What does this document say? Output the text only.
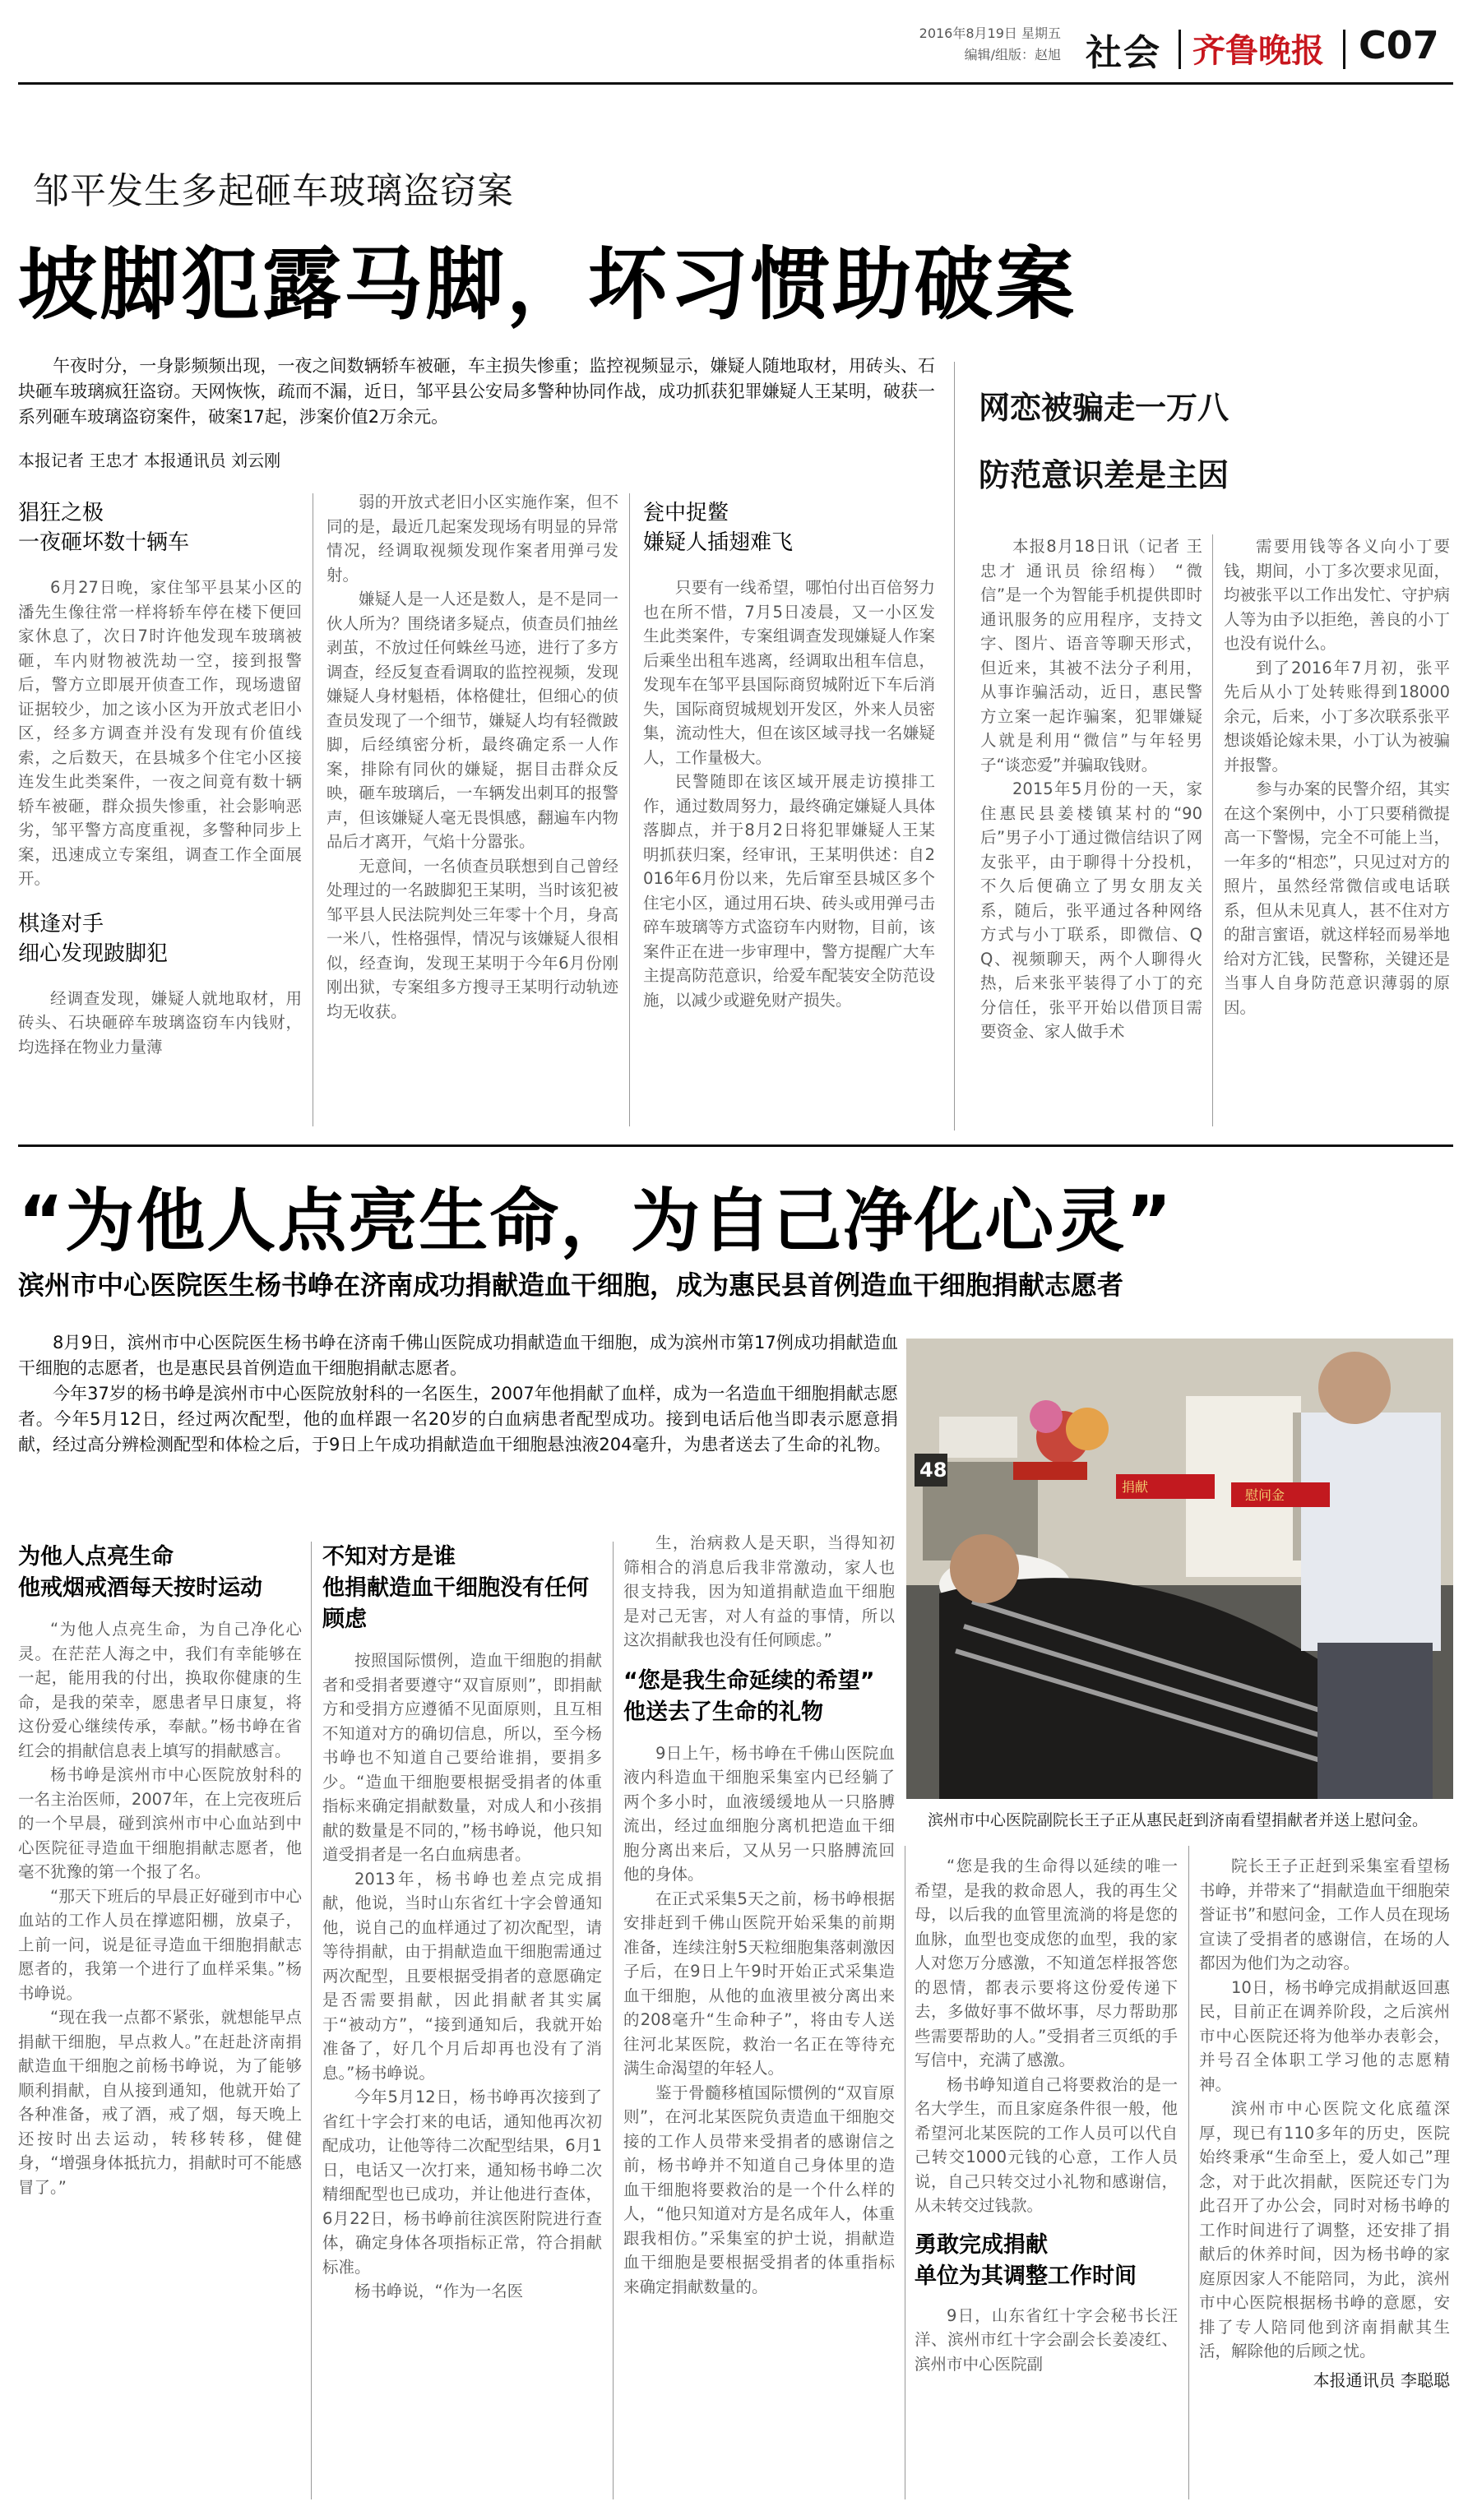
2016年8月19日 星期五
编辑/组版：赵旭 社会 齐鲁晚报 C07
邹平发生多起砸车玻璃盗窃案
坡脚犯露马脚，坏习惯助破案
午夜时分，一身影频频出现，一夜之间数辆轿车被砸，车主损失惨重；监控视频显示，嫌疑人随地取材，用砖头、石块砸车玻璃疯狂盗窃。天网恢恢，疏而不漏，近日，邹平县公安局多警种协同作战，成功抓获犯罪嫌疑人王某明，破获一系列砸车玻璃盗窃案件，破案17起，涉案价值2万余元。
本报记者 王忠才 本报通讯员 刘云刚
猖狂之极
一夜砸坏数十辆车
6月27日晚，家住邹平县某小区的潘先生像往常一样将轿车停在楼下便回家休息了，次日7时许他发现车玻璃被砸，车内财物被洗劫一空，接到报警后，警方立即展开侦查工作，现场遗留证据较少，加之该小区为开放式老旧小区，经多方调查并没有发现有价值线索，之后数天，在县城多个住宅小区接连发生此类案件，一夜之间竟有数十辆轿车被砸，群众损失惨重，社会影响恶劣，邹平警方高度重视，多警种同步上案，迅速成立专案组，调查工作全面展开。
棋逢对手
细心发现跛脚犯
经调查发现，嫌疑人就地取材，用砖头、石块砸碎车玻璃盗窃车内钱财，均选择在物业力量薄
弱的开放式老旧小区实施作案，但不同的是，最近几起案发现场有明显的异常情况，经调取视频发现作案者用弹弓发射。
嫌疑人是一人还是数人，是不是同一伙人所为？围绕诸多疑点，侦查员们抽丝剥茧，不放过任何蛛丝马迹，进行了多方调查，经反复查看调取的监控视频，发现嫌疑人身材魁梧，体格健壮，但细心的侦查员发现了一个细节，嫌疑人均有轻微跛脚，后经缜密分析，最终确定系一人作案，排除有同伙的嫌疑，据目击群众反映，砸车玻璃后，一车辆发出刺耳的报警声，但该嫌疑人毫无畏惧感，翻遍车内物品后才离开，气焰十分嚣张。
无意间，一名侦查员联想到自己曾经处理过的一名跛脚犯王某明，当时该犯被邹平县人民法院判处三年零十个月，身高一米八，性格强悍，情况与该嫌疑人很相似，经查询，发现王某明于今年6月份刚刚出狱，专案组多方搜寻王某明行动轨迹均无收获。
瓮中捉鳖
嫌疑人插翅难飞
只要有一线希望，哪怕付出百倍努力也在所不惜，7月5日凌晨，又一小区发生此类案件，专案组调查发现嫌疑人作案后乘坐出租车逃离，经调取出租车信息，发现车在邹平县国际商贸城附近下车后消失，国际商贸城规划开发区，外来人员密集，流动性大，但在该区域寻找一名嫌疑人，工作量极大。
民警随即在该区域开展走访摸排工作，通过数周努力，最终确定嫌疑人具体落脚点，并于8月2日将犯罪嫌疑人王某明抓获归案，经审讯，王某明供述：自2016年6月份以来，先后窜至县城区多个住宅小区，通过用石块、砖头或用弹弓击碎车玻璃等方式盗窃车内财物，目前，该案件正在进一步审理中，警方提醒广大车主提高防范意识，给爱车配装安全防范设施，以减少或避免财产损失。
网恋被骗走一万八
防范意识差是主因
本报8月18日讯（记者 王忠才 通讯员 徐绍梅） “微信”是一个为智能手机提供即时通讯服务的应用程序，支持文字、图片、语音等聊天形式，但近来，其被不法分子利用，从事诈骗活动，近日，惠民警方立案一起诈骗案，犯罪嫌疑人就是利用“微信”与年轻男子“谈恋爱”并骗取钱财。
2015年5月份的一天，家住惠民县姜楼镇某村的“90后”男子小丁通过微信结识了网友张平，由于聊得十分投机，不久后便确立了男女朋友关系，随后，张平通过各种网络方式与小丁联系，即微信、QQ、视频聊天，两个人聊得火热，后来张平装得了小丁的充分信任，张平开始以借顶目需要资金、家人做手术
需要用钱等各义向小丁要钱，期间，小丁多次要求见面，均被张平以工作出发忙、守护病人等为由予以拒绝，善良的小丁也没有说什么。
到了2016年7月初，张平先后从小丁处转账得到18000余元，后来，小丁多次联系张平想谈婚论嫁未果，小丁认为被骗并报警。
参与办案的民警介绍，其实在这个案例中，小丁只要稍微提高一下警惕，完全不可能上当，一年多的“相恋”，只见过对方的照片，虽然经常微信或电话联系，但从未见真人，甚不住对方的甜言蜜语，就这样轻而易举地给对方汇钱，民警称，关键还是当事人自身防范意识薄弱的原因。
“为他人点亮生命，为自己净化心灵”
滨州市中心医院医生杨书峥在济南成功捐献造血干细胞，成为惠民县首例造血干细胞捐献志愿者
8月9日，滨州市中心医院医生杨书峥在济南千佛山医院成功捐献造血干细胞，成为滨州市第17例成功捐献造血干细胞的志愿者，也是惠民县首例造血干细胞捐献志愿者。
今年37岁的杨书峥是滨州市中心医院放射科的一名医生，2007年他捐献了血样，成为一名造血干细胞捐献志愿者。今年5月12日，经过两次配型，他的血样跟一名20岁的白血病患者配型成功。接到电话后他当即表示愿意捐献，经过高分辨检测配型和体检之后，于9日上午成功捐献造血干细胞悬浊液204毫升，为患者送去了生命的礼物。
捐献
慰问金
48
滨州市中心医院副院长王子正从惠民赶到济南看望捐献者并送上慰问金。
为他人点亮生命
他戒烟戒酒每天按时运动
“为他人点亮生命，为自己净化心灵。在茫茫人海之中，我们有幸能够在一起，能用我的付出，换取你健康的生命，是我的荣幸，愿患者早日康复，将这份爱心继续传承，奉献。”杨书峥在省红会的捐献信息表上填写的捐献感言。
杨书峥是滨州市中心医院放射科的一名主治医师，2007年，在上完夜班后的一个早晨，碰到滨州市中心血站到中心医院征寻造血干细胞捐献志愿者，他毫不犹豫的第一个报了名。
“那天下班后的早晨正好碰到市中心血站的工作人员在撑遮阳棚，放桌子，上前一问，说是征寻造血干细胞捐献志愿者的，我第一个进行了血样采集。”杨书峥说。
“现在我一点都不紧张，就想能早点捐献干细胞，早点救人。”在赶赴济南捐献造血干细胞之前杨书峥说，为了能够顺利捐献，自从接到通知，他就开始了各种准备，戒了酒，戒了烟，每天晚上还按时出去运动，转移转移，健健身，“增强身体抵抗力，捐献时可不能感冒了。”
不知对方是谁
他捐献造血干细胞没有任何顾虑
按照国际惯例，造血干细胞的捐献者和受捐者要遵守“双盲原则”，即捐献方和受捐方应遵循不见面原则，且互相不知道对方的确切信息，所以，至今杨书峥也不知道自己要给谁捐，要捐多少。“造血干细胞要根据受捐者的体重指标来确定捐献数量，对成人和小孩捐献的数量是不同的，”杨书峥说，他只知道受捐者是一名白血病患者。
2013年，杨书峥也差点完成捐献，他说，当时山东省红十字会曾通知他，说自己的血样通过了初次配型，请等待捐献，由于捐献造血干细胞需通过两次配型，且要根据受捐者的意愿确定是否需要捐献，因此捐献者其实属于“被动方”，“接到通知后，我就开始准备了，好几个月后却再也没有了消息。”杨书峥说。
今年5月12日，杨书峥再次接到了省红十字会打来的电话，通知他再次初配成功，让他等待二次配型结果，6月1日，电话又一次打来，通知杨书峥二次精细配型也已成功，并让他进行查体，6月22日，杨书峥前往滨医附院进行查体，确定身体各项指标正常，符合捐献标准。
杨书峥说，“作为一名医
生，治病救人是天职，当得知初筛相合的消息后我非常激动，家人也很支持我，因为知道捐献造血干细胞是对己无害，对人有益的事情，所以这次捐献我也没有任何顾虑。”
“您是我生命延续的希望”
他送去了生命的礼物
9日上午，杨书峥在千佛山医院血液内科造血干细胞采集室内已经躺了两个多小时，血液缓缓地从一只胳膊流出，经过血细胞分离机把造血干细胞分离出来后，又从另一只胳膊流回他的身体。
在正式采集5天之前，杨书峥根据安排赶到千佛山医院开始采集的前期准备，连续注射5天粒细胞集落刺激因子后，在9日上午9时开始正式采集造血干细胞，从他的血液里被分离出来的208毫升“生命种子”，将由专人送往河北某医院，救治一名正在等待充满生命渴望的年轻人。
鉴于骨髓移植国际惯例的“双盲原则”，在河北某医院负责造血干细胞交接的工作人员带来受捐者的感谢信之前，杨书峥并不知道自己身体里的造血干细胞将要救治的是一个什么样的人，“他只知道对方是名成年人，体重跟我相仿。”采集室的护士说，捐献造血干细胞是要根据受捐者的体重指标来确定捐献数量的。
“您是我的生命得以延续的唯一希望，是我的救命恩人，我的再生父母，以后我的血管里流淌的将是您的血脉，血型也变成您的血型，我的家人对您万分感激，不知道怎样报答您的恩情，都表示要将这份爱传递下去，多做好事不做坏事，尽力帮助那些需要帮助的人。”受捐者三页纸的手写信中，充满了感激。
杨书峥知道自己将要救治的是一名大学生，而且家庭条件很一般，他希望河北某医院的工作人员可以代自己转交1000元钱的心意，工作人员说，自己只转交过小礼物和感谢信，从未转交过钱款。
勇敢完成捐献
单位为其调整工作时间
9日，山东省红十字会秘书长汪洋、滨州市红十字会副会长姜凌红、滨州市中心医院副
院长王子正赶到采集室看望杨书峥，并带来了“捐献造血干细胞荣誉证书”和慰问金，工作人员在现场宣读了受捐者的感谢信，在场的人都因为他们为之动容。
10日，杨书峥完成捐献返回惠民，目前正在调养阶段，之后滨州市中心医院还将为他举办表彰会，并号召全体职工学习他的志愿精神。
滨州市中心医院文化底蕴深厚，现已有110多年的历史，医院始终秉承“生命至上，爱人如己”理念，对于此次捐献，医院还专门为此召开了办公会，同时对杨书峥的工作时间进行了调整，还安排了捐献后的休养时间，因为杨书峥的家庭原因家人不能陪同，为此，滨州市中心医院根据杨书峥的意愿，安排了专人陪同他到济南捐献其生活，解除他的后顾之忧。
本报通讯员 李聪聪
